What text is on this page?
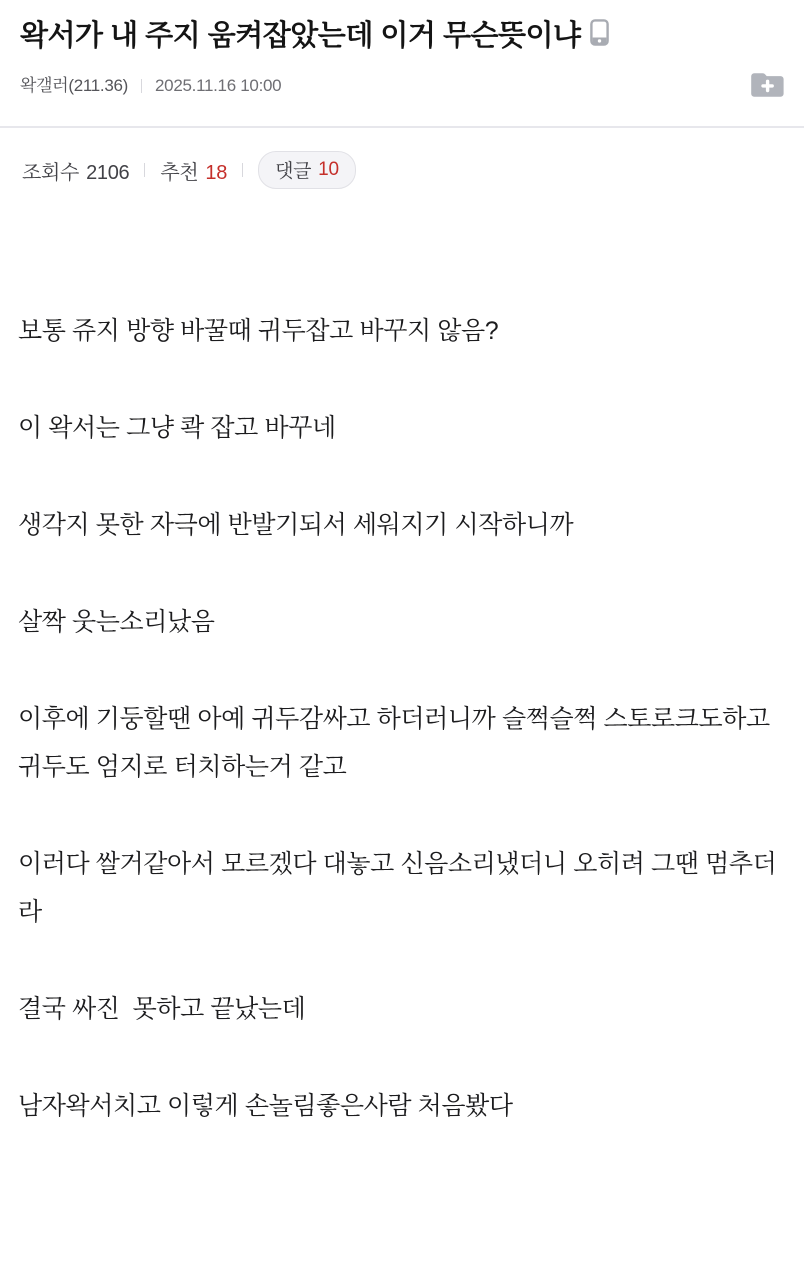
왁서가 내 주지 움켜잡았는데 이거 무슨뜻이냐
왁갤러(211.36) 2025.11.16 10:00
조회수 2106 추천 18	댓글 10

보통 쥬지 방향 바꿀때 귀두잡고 바꾸지 않음?

이 왁서는 그냥 콱 잡고 바꾸네

생각지 못한 자극에 반발기되서 세워지기 시작하니까

살짝 웃는소리났음

이후에 기둥할땐 아예 귀두감싸고 하더러니까 슬쩍슬쩍 스토로크도하고 귀두도 엄지로 터치하는거 같고

이러다 쌀거같아서 모르겠다 대놓고 신음소리냈더니 오히려 그땐 멈추더라

결국 싸진  못하고 끝났는데

남자왁서치고 이렇게 손놀림좋은사람 처음봤다
